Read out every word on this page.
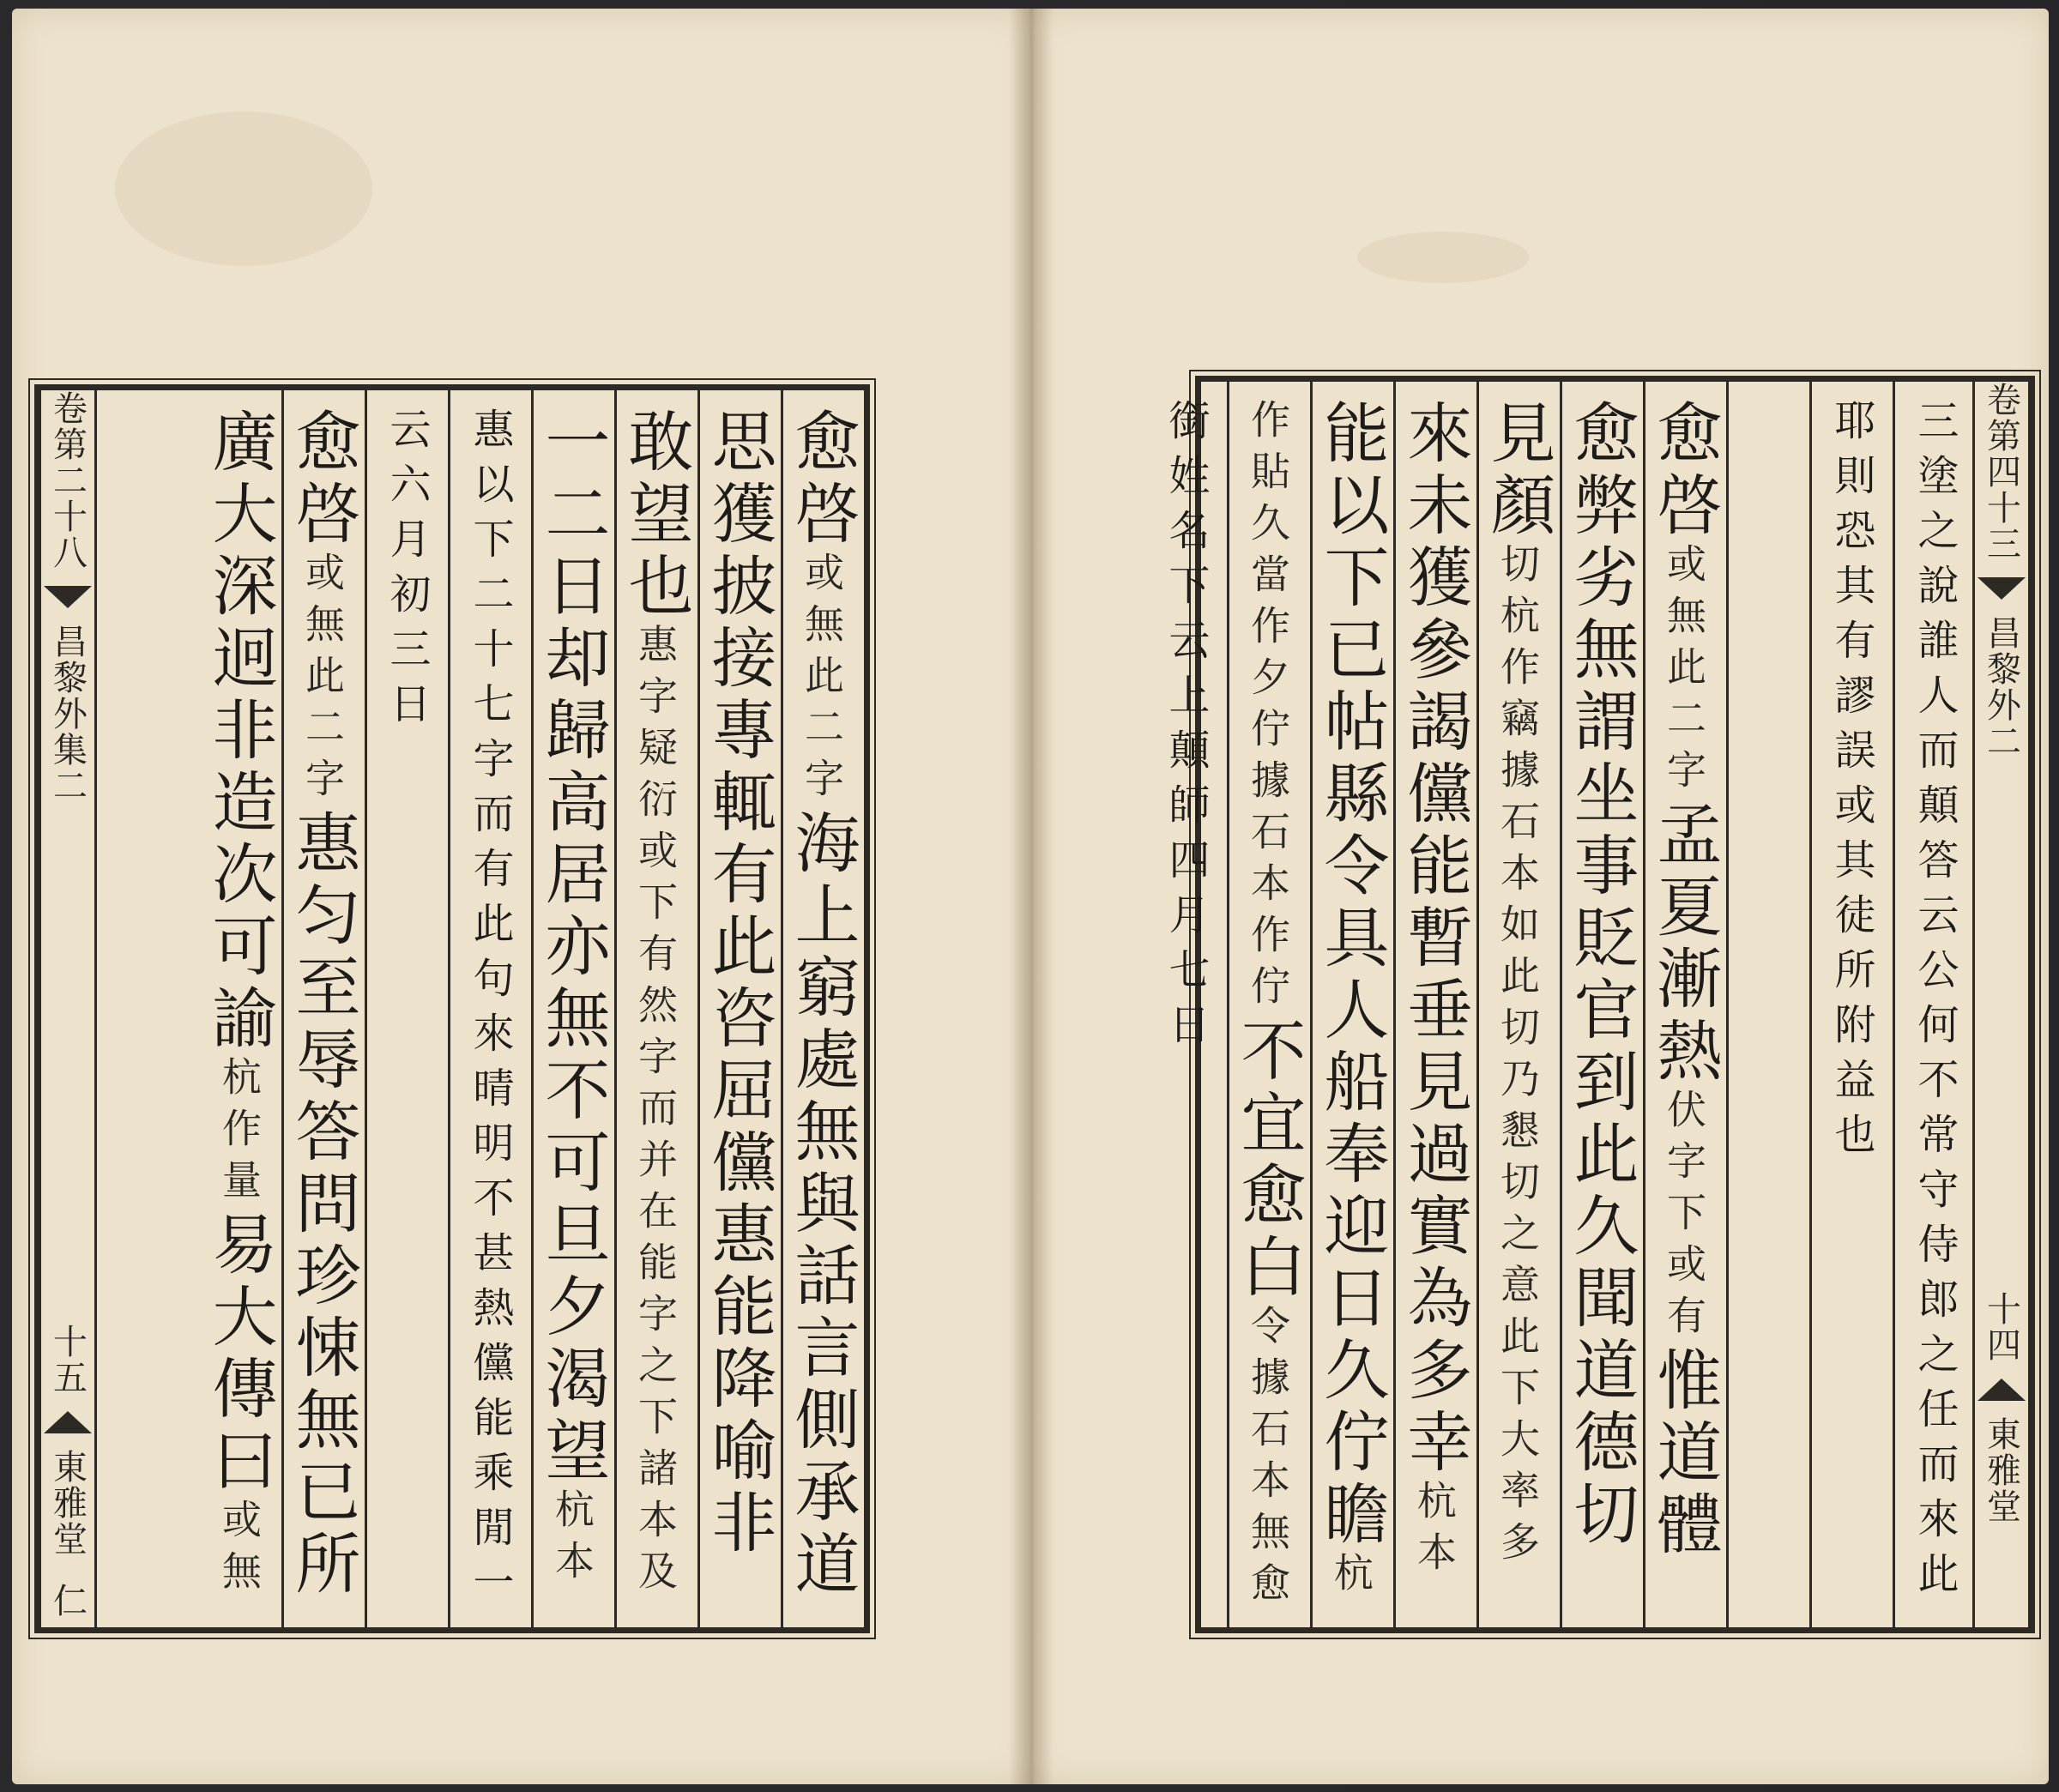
卷第二十八
昌黎外集二
十五
東雅堂
仁
愈啓或無此二字海上窮處無與話言側承道
思獲披接專輒有此咨屈儻惠能降喻非
敢望也惠字疑衍或下有然字而并在能字之下諸本及
一二日却歸高居亦無不可旦夕渴望杭本
惠以下二十七字而有此句來晴明不甚熱儻能乘閒一
云六月初三日
愈啓或無此二字惠匀至辱答問珍悚無已所
廣大深迥非造次可諭杭作量易大傳曰或無
卷第四十三
昌黎外二
十四
東雅堂
三塗之說誰人而顛答云公何不常守侍郎之任而來此
耶則恐其有謬誤或其徒所附益也
愈啓或無此二字孟夏漸熱伏字下或有惟道體
愈弊劣無謂坐事貶官到此久聞道德切
見顏切杭作竊據石本如此切乃懇切之意此下大率多
來未獲參謁儻能暫垂見過實為多幸杭本
能以下已帖縣令具人船奉迎日久佇瞻杭
作貼久當作夕佇據石本作佇不宜愈白令據石本無愈
銜姓名下云上顛師四月七日
